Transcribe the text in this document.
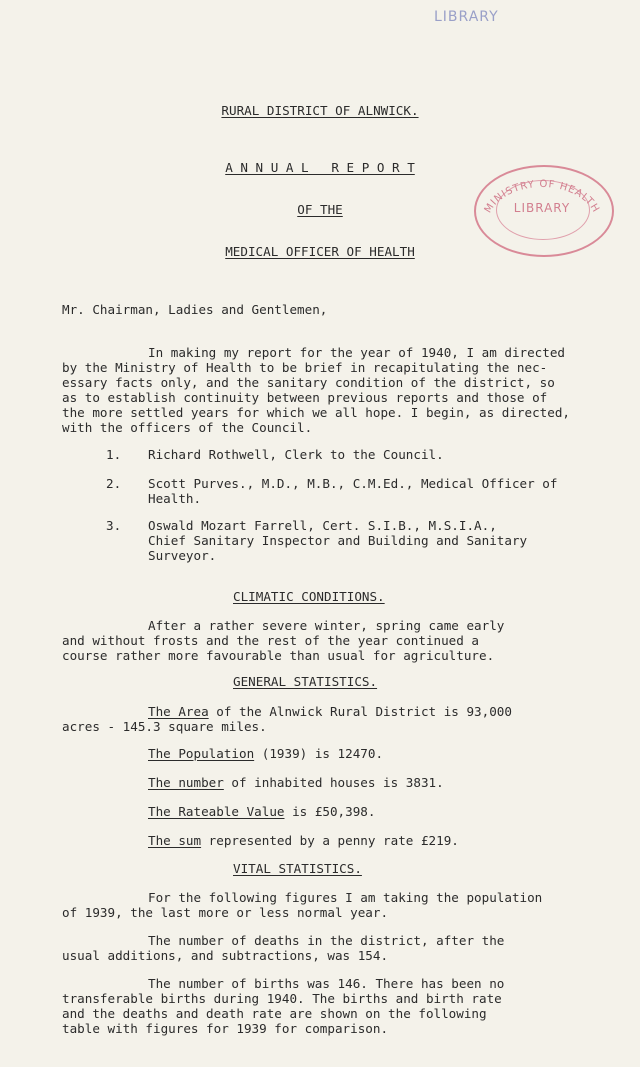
LIBRARY
MINISTRY OF HEALTH
LIBRARY
RURAL DISTRICT OF ALNWICK.
A N N U A L   R E P O R T
OF THE
MEDICAL OFFICER OF HEALTH
Mr. Chairman, Ladies and Gentlemen,
In making my report for the year of 1940, I am directed
by the Ministry of Health to be brief in recapitulating the nec-
essary facts only, and the sanitary condition of the district, so
as to establish continuity between previous reports and those of
the more settled years for which we all hope. I begin, as directed,
with the officers of the Council.
1. Richard Rothwell, Clerk to the Council.
2. Scott Purves., M.D., M.B., C.M.Ed., Medical Officer of
Health.
3. Oswald Mozart Farrell, Cert. S.I.B., M.S.I.A.,
Chief Sanitary Inspector and Building and Sanitary
Surveyor.
CLIMATIC CONDITIONS.
After a rather severe winter, spring came early
and without frosts and the rest of the year continued a
course rather more favourable than usual for agriculture.
GENERAL STATISTICS.
The Area of the Alnwick Rural District is 93,000
acres - 145.3 square miles.
The Population (1939) is 12470.
The number of inhabited houses is 3831.
The Rateable Value is £50,398.
The sum represented by a penny rate £219.
VITAL STATISTICS.
For the following figures I am taking the population
of 1939, the last more or less normal year.
The number of deaths in the district, after the
usual additions, and subtractions, was 154.
The number of births was 146. There has been no
transferable births during 1940. The births and birth rate
and the deaths and death rate are shown on the following
table with figures for 1939 for comparison.
